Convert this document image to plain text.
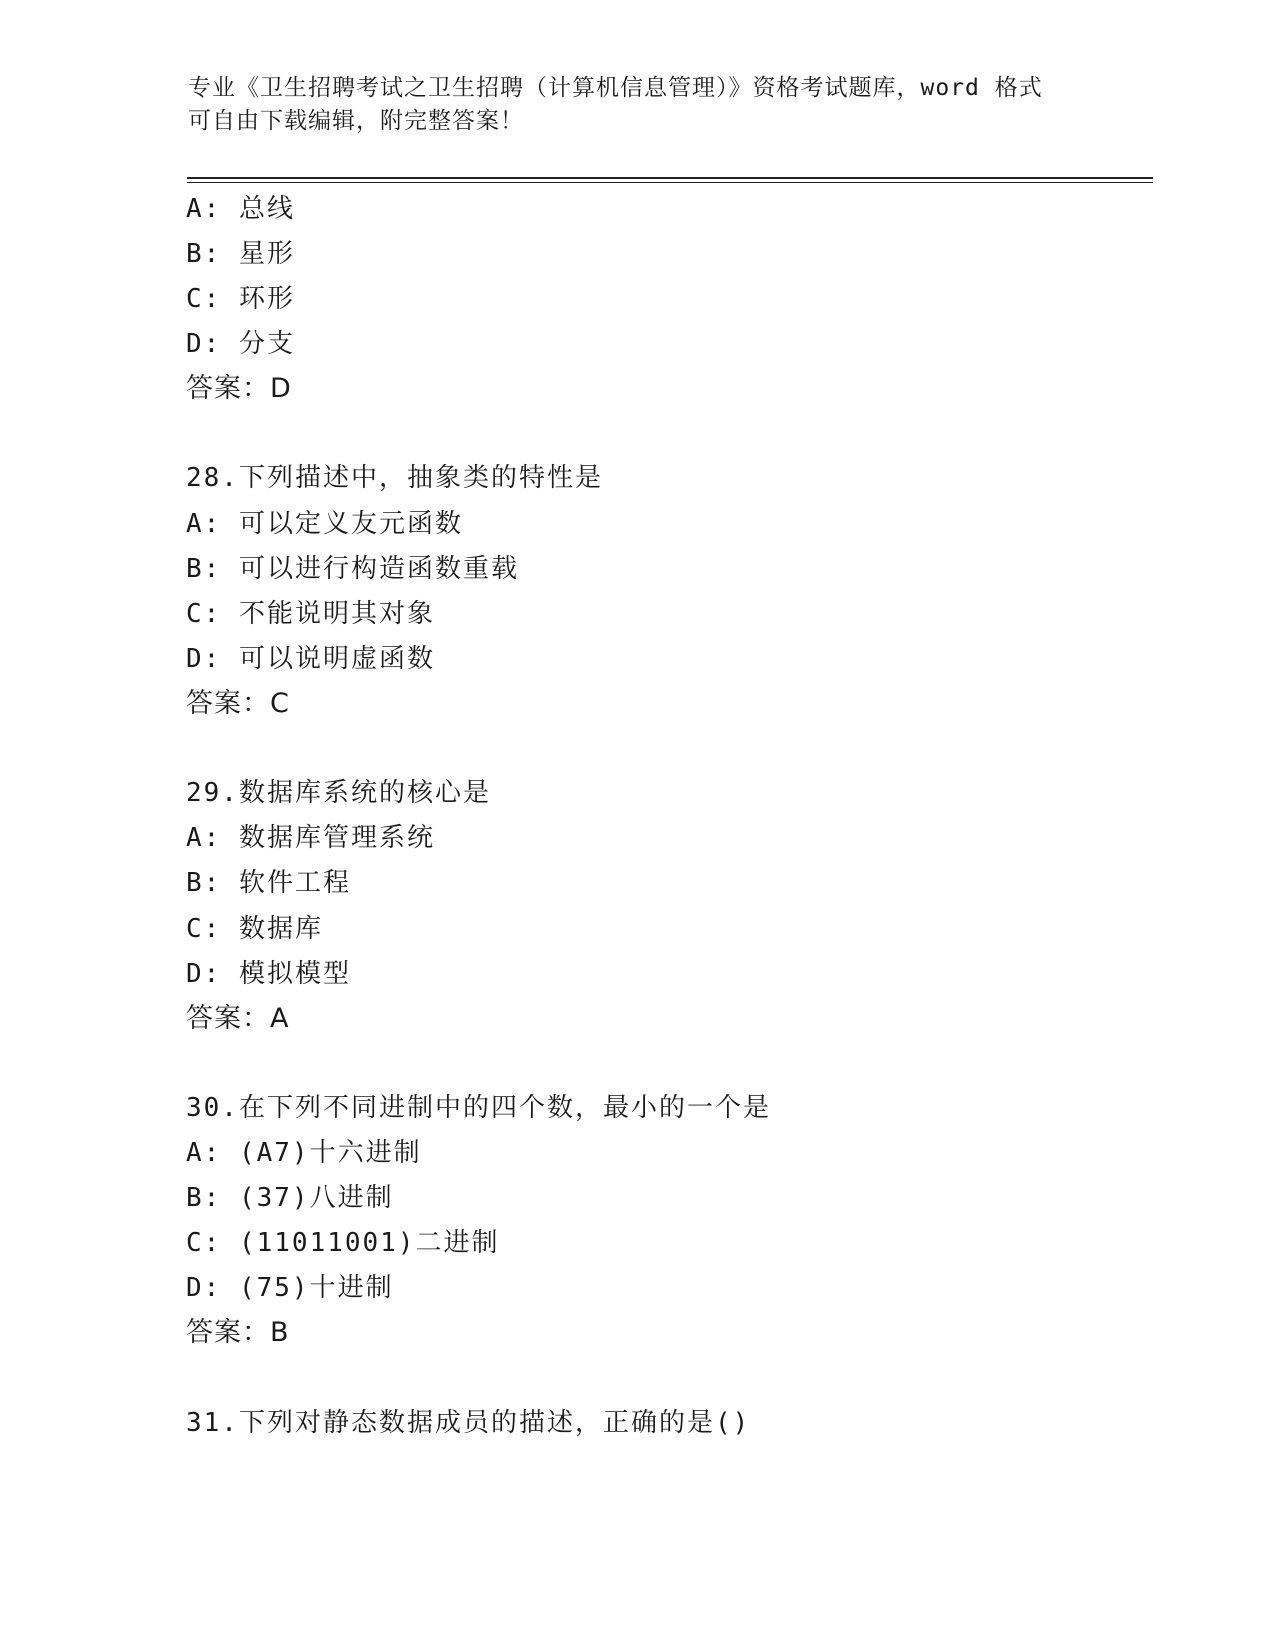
专业《卫生招聘考试之卫生招聘（计算机信息管理）》资格考试题库，word 格式
可自由下载编辑，附完整答案！
A: 总线
B: 星形
C: 环形
D: 分支
答案：D
28.下列描述中，抽象类的特性是
A: 可以定义友元函数
B: 可以进行构造函数重载
C: 不能说明其对象
D: 可以说明虚函数
答案：C
29.数据库系统的核心是
A: 数据库管理系统
B: 软件工程
C: 数据库
D: 模拟模型
答案：A
30.在下列不同进制中的四个数，最小的一个是
A: (A7)十六进制
B: (37)八进制
C: (11011001)二进制
D: (75)十进制
答案：B
31.下列对静态数据成员的描述，正确的是()
